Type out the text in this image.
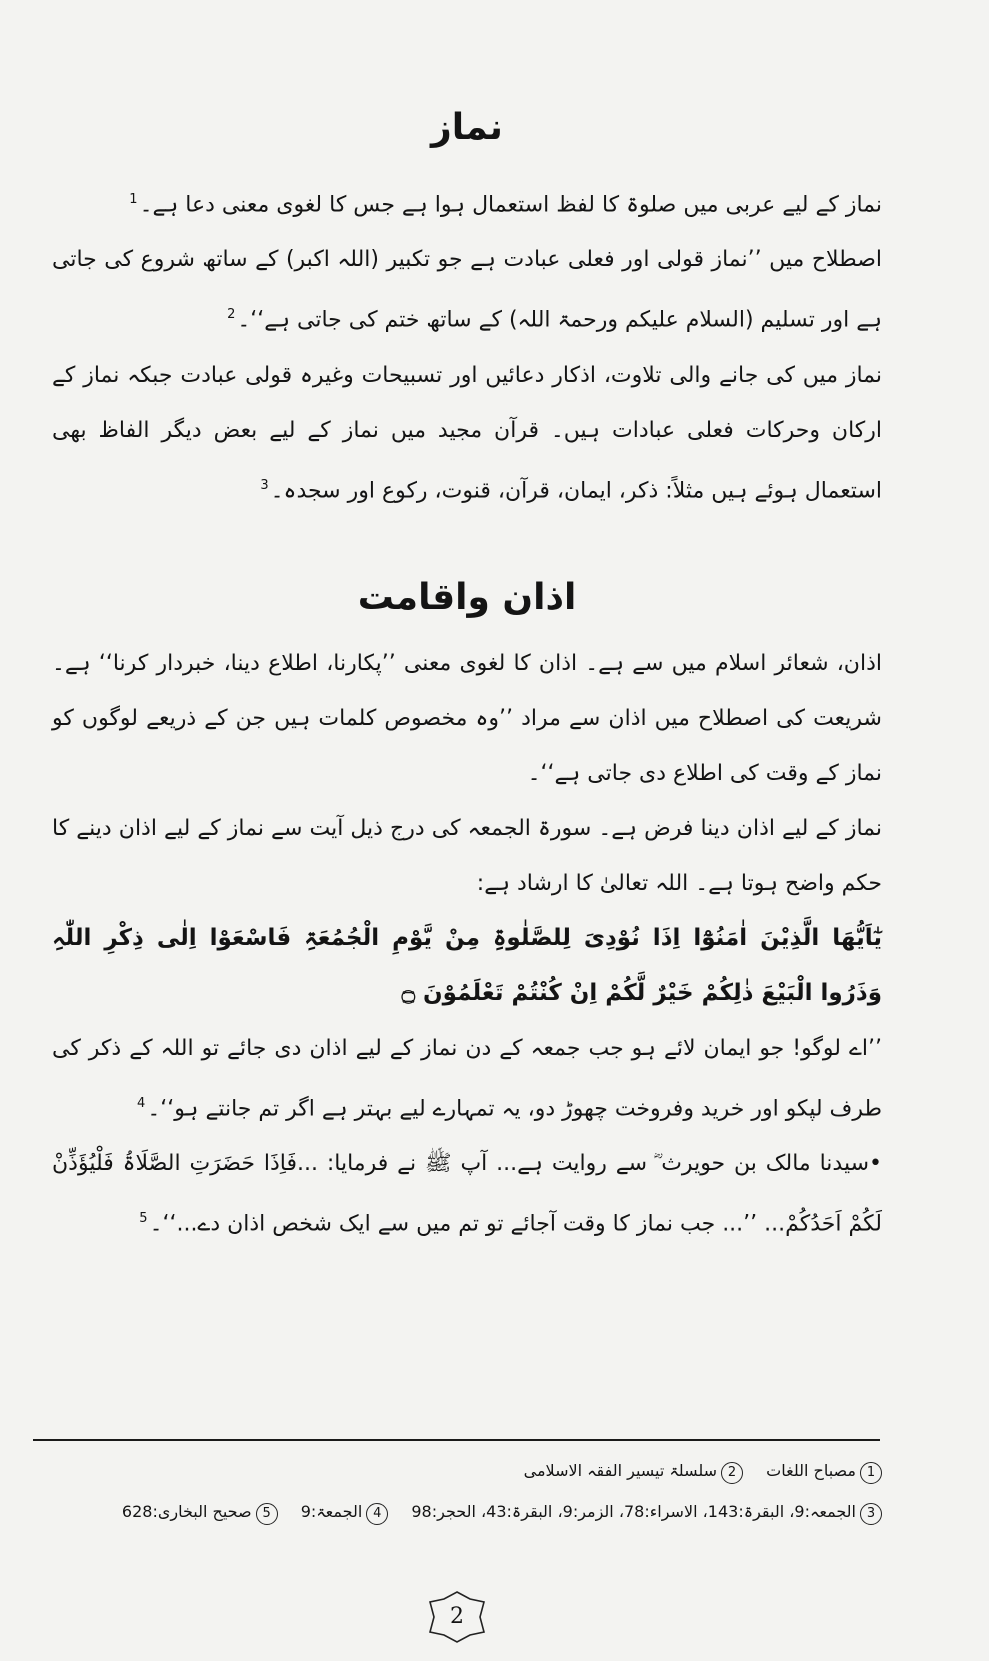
نماز

نماز کے لیے عربی میں صلوۃ کا لفظ استعمال ہوا ہے جس کا لغوی معنی دعا ہے۔$^1$

اصطلاح میں ’’نماز قولی اور فعلی عبادت ہے جو تکبیر (اللہ اکبر) کے ساتھ شروع کی جاتی ہے اور تسلیم (السلام علیکم ورحمۃ اللہ) کے ساتھ ختم کی جاتی ہے‘‘۔$^2$

نماز میں کی جانے والی تلاوت، اذکار دعائیں اور تسبیحات وغیرہ قولی عبادت جبکہ نماز کے ارکان وحرکات فعلی عبادات ہیں۔ قرآن مجید میں نماز کے لیے بعض دیگر الفاظ بھی استعمال ہوئے ہیں مثلاً: ذکر، ایمان، قرآن، قنوت، رکوع اور سجدہ۔$^3$

اذان واقامت

اذان، شعائر اسلام میں سے ہے۔ اذان کا لغوی معنی ’’پکارنا، اطلاع دینا، خبردار کرنا‘‘ ہے۔ شریعت کی اصطلاح میں اذان سے مراد ’’وہ مخصوص کلمات ہیں جن کے ذریعے لوگوں کو نماز کے وقت کی اطلاع دی جاتی ہے‘‘۔

نماز کے لیے اذان دینا فرض ہے۔ سورۃ الجمعہ کی درج ذیل آیت سے نماز کے لیے اذان دینے کا حکم واضح ہوتا ہے۔ اللہ تعالیٰ کا ارشاد ہے:

یٰٓاَیُّھَا الَّذِیْنَ اٰمَنُوْٓا اِذَا نُوْدِیَ لِلصَّلٰوۃِ مِنْ یَّوْمِ الْجُمُعَۃِ فَاسْعَوْا اِلٰی ذِکْرِ اللّٰہِ وَذَرُوا الْبَیْعَ ذٰلِکُمْ خَیْرٌ لَّکُمْ اِنْ کُنْتُمْ تَعْلَمُوْنَ ۝

’’اے لوگو! جو ایمان لائے ہو جب جمعہ کے دن نماز کے لیے اذان دی جائے تو اللہ کے ذکر کی طرف لپکو اور خرید وفروخت چھوڑ دو، یہ تمہارے لیے بہتر ہے اگر تم جانتے ہو‘‘۔$^4$

•سیدنا مالک بن حویرث ؓ سے روایت ہے... آپ ﷺ نے فرمایا: ...فَاِذَا حَضَرَتِ الصَّلَاۃُ فَلْیُؤَذِّنْ لَکُمْ اَحَدُکُمْ... ’’... جب نماز کا وقت آجائے تو تم میں سے ایک شخص اذان دے...‘‘۔$^5$

1مصباح اللغات 2سلسلۃ تیسیر الفقہ الاسلامی
3الجمعہ:9، البقرۃ:143، الاسراء:78، الزمر:9، البقرۃ:43، الحجر:98 4الجمعۃ:9 5صحیح البخاری:628
2
